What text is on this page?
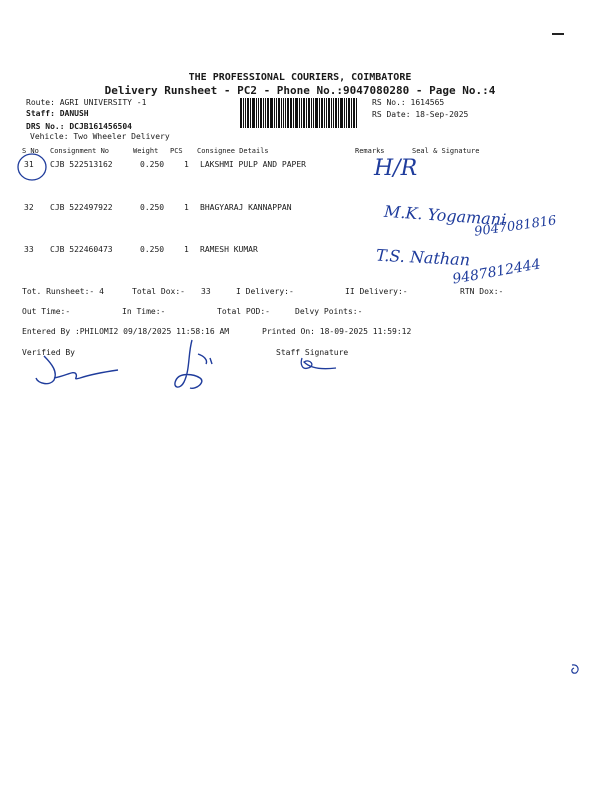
THE PROFESSIONAL COURIERS, COIMBATORE
Delivery Runsheet - PC2 - Phone No.:9047080280 - Page No.:4
Route: AGRI UNIVERSITY -1
Staff: DANUSH
DRS No.: DCJB161456504
Vehicle: Two Wheeler Delivery
RS No.: 1614565
RS Date: 18-Sep-2025
S No Consignment No	Weight PCS Consignee Details	Remarks	Seal & Signature
31 CJB 522513162	0.250 1 LAKSHMI PULP AND PAPER	H/R
32 CJB 522497922	0.250 1 BHAGYARAJ KANNAPPAN	M.K. Yogamani
9047081816
33 CJB 522460473	0.250 1 RAMESH KUMAR	T.S. Nathan
9487812444
Tot. Runsheet:- 4	Total Dox:- 33	I Delivery:-	II Delivery:-	RTN Dox:-
Out Time:-	In Time:-	Total POD:-	Delvy Points:-
Entered By :PHILOMI2 09/18/2025 11:58:16 AM	Printed On: 18-09-2025 11:59:12
Verified By	Staff Signature
